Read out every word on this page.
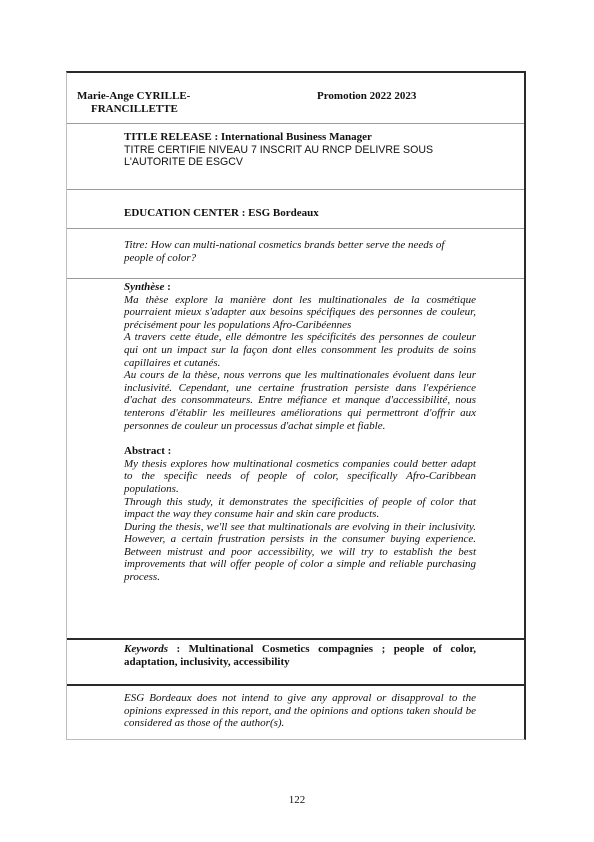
Marie-Ange CYRILLE-
FRANCILLETTE
Promotion 2022 2023
TITLE RELEASE : International Business Manager
TITRE CERTIFIE NIVEAU 7 INSCRIT AU RNCP DELIVRE SOUS
L'AUTORITE DE ESGCV
EDUCATION CENTER : ESG Bordeaux
Titre: How can multi-national cosmetics brands better serve the needs of people of color?
Synthèse :

Ma thèse explore la manière dont les multinationales de la cosmétique pourraient mieux s'adapter aux besoins spécifiques des personnes de couleur, précisément pour les populations Afro-Caribéennes

A travers cette étude, elle démontre les spécificités des personnes de couleur qui ont un impact sur la façon dont elles consomment les produits de soins capillaires et cutanés.

Au cours de la thèse, nous verrons que les multinationales évoluent dans leur inclusivité. Cependant, une certaine frustration persiste dans l'expérience d'achat des consommateurs. Entre méfiance et manque d'accessibilité, nous tenterons d'établir les meilleures améliorations qui permettront d'offrir aux personnes de couleur un processus d'achat simple et fiable.

Abstract :

My thesis explores how multinational cosmetics companies could better adapt to the specific needs of people of color, specifically Afro-Caribbean populations.

Through this study, it demonstrates the specificities of people of color that impact the way they consume hair and skin care products.

During the thesis, we'll see that multinationals are evolving in their inclusivity. However, a certain frustration persists in the consumer buying experience. Between mistrust and poor accessibility, we will try to establish the best improvements that will offer people of color a simple and reliable purchasing process.

Keywords : Multinational Cosmetics compagnies ; people of color, adaptation, inclusivity, accessibility
ESG Bordeaux does not intend to give any approval or disapproval to the opinions expressed in this report, and the opinions and options taken should be considered as those of the author(s).
122
